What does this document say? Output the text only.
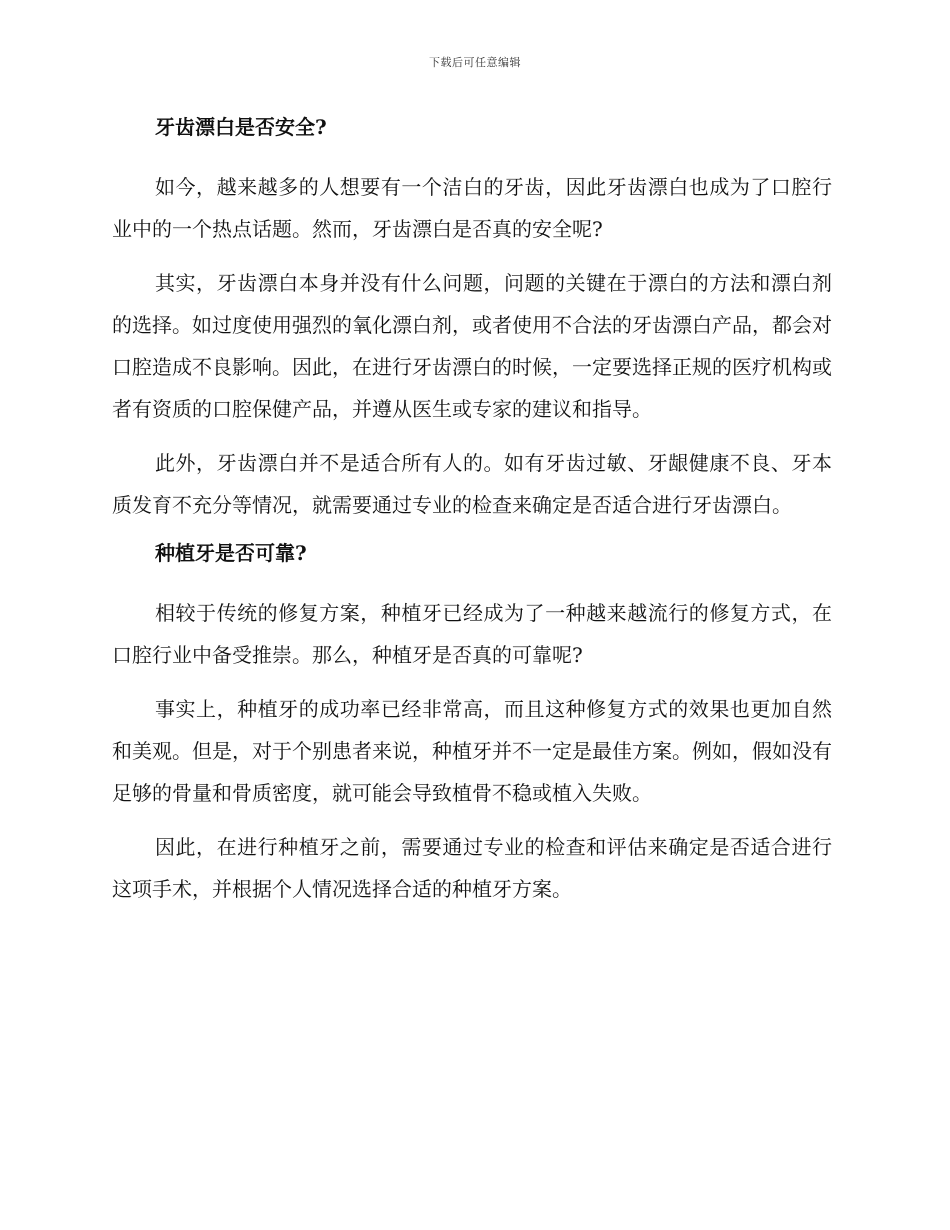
下载后可任意编辑
牙齿漂白是否安全?

如今，越来越多的人想要有一个洁白的牙齿，因此牙齿漂白也成为了口腔行业中的一个热点话题。然而，牙齿漂白是否真的安全呢?

其实，牙齿漂白本身并没有什么问题，问题的关键在于漂白的方法和漂白剂的选择。如过度使用强烈的氧化漂白剂，或者使用不合法的牙齿漂白产品，都会对口腔造成不良影响。因此，在进行牙齿漂白的时候，一定要选择正规的医疗机构或者有资质的口腔保健产品，并遵从医生或专家的建议和指导。

此外，牙齿漂白并不是适合所有人的。如有牙齿过敏、牙龈健康不良、牙本质发育不充分等情况，就需要通过专业的检查来确定是否适合进行牙齿漂白。

种植牙是否可靠?

相较于传统的修复方案，种植牙已经成为了一种越来越流行的修复方式，在口腔行业中备受推崇。那么，种植牙是否真的可靠呢?

事实上，种植牙的成功率已经非常高，而且这种修复方式的效果也更加自然和美观。但是，对于个别患者来说，种植牙并不一定是最佳方案。例如，假如没有足够的骨量和骨质密度，就可能会导致植骨不稳或植入失败。

因此，在进行种植牙之前，需要通过专业的检查和评估来确定是否适合进行这项手术，并根据个人情况选择合适的种植牙方案。
